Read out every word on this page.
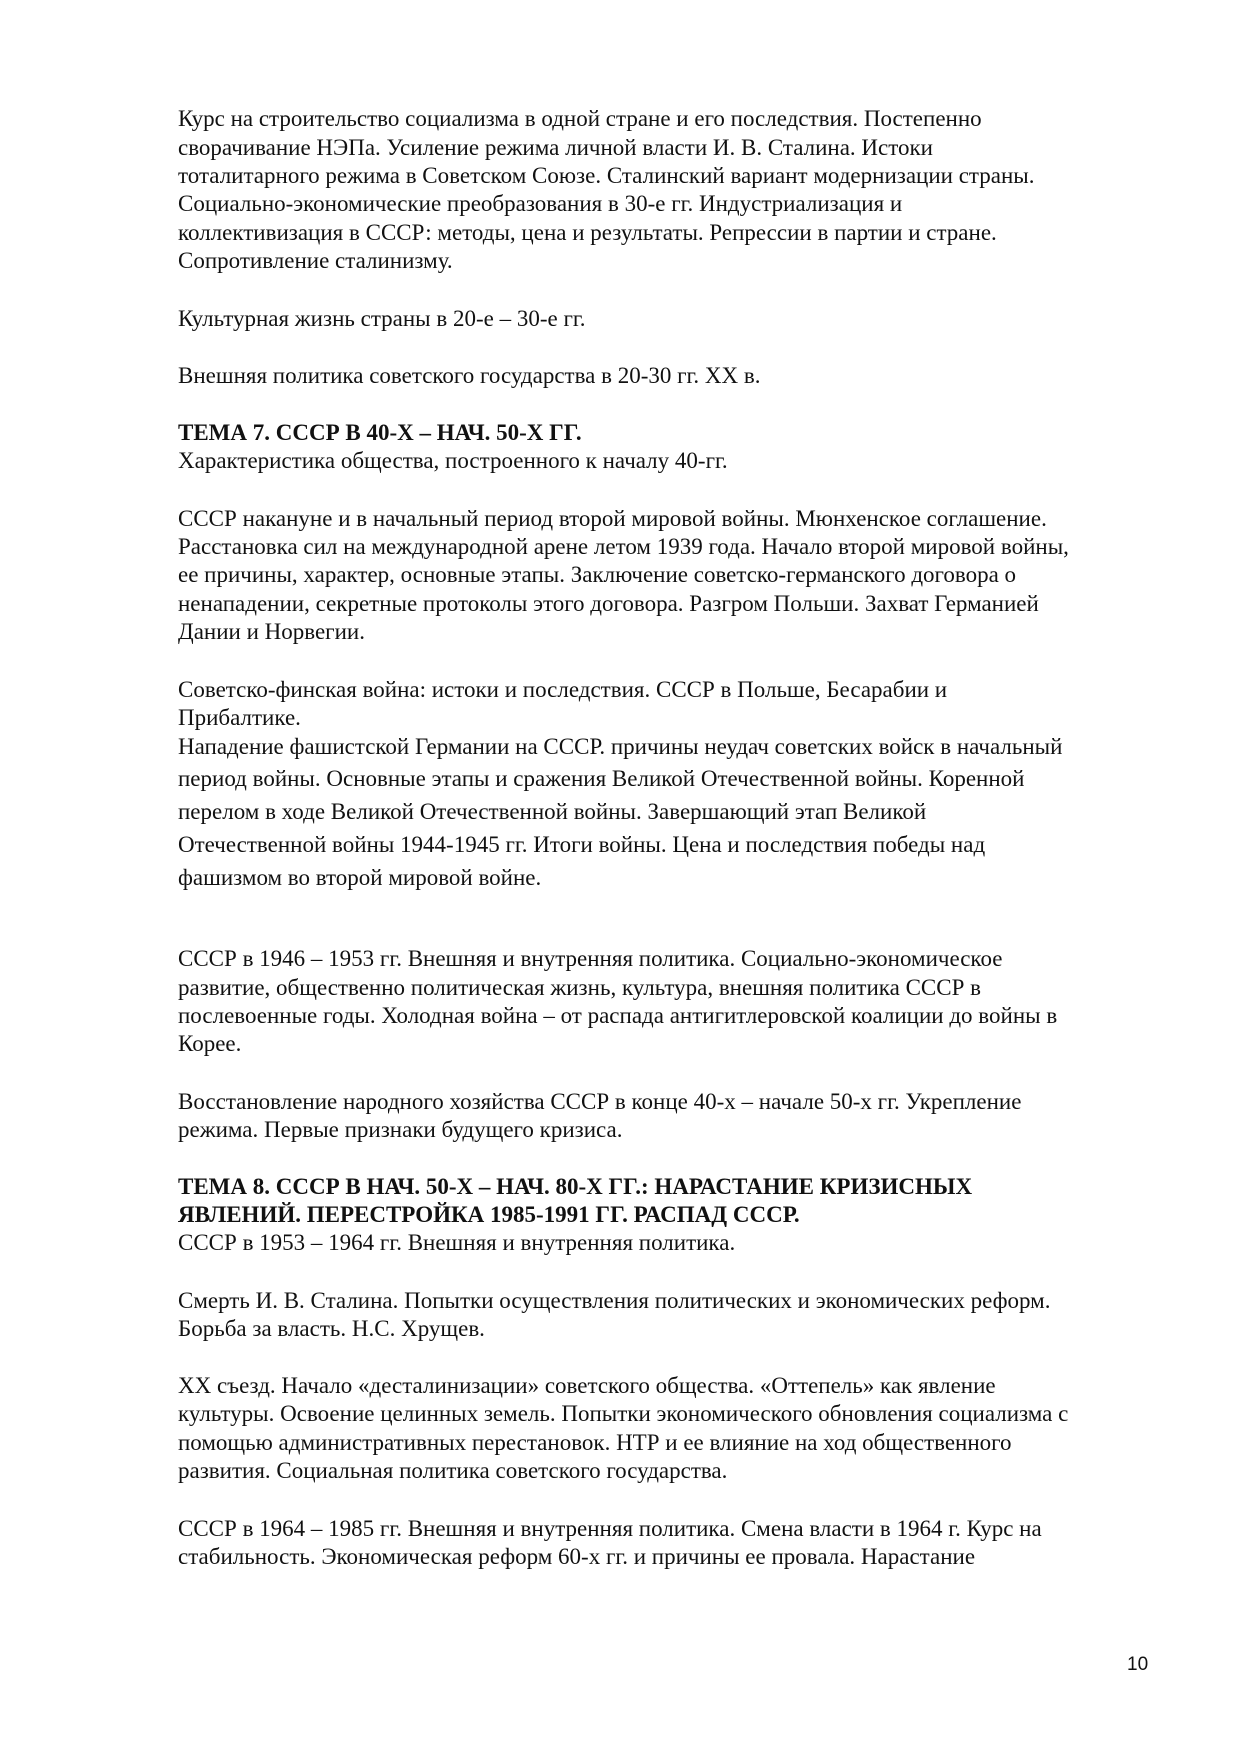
Курс на строительство социализма в одной стране и его последствия. Постепенно
сворачивание НЭПа. Усиление режима личной власти И. В. Сталина. Истоки
тоталитарного режима в Советском Союзе. Сталинский вариант модернизации страны.
Социально-экономические преобразования в 30-е гг. Индустриализация и
коллективизация в СССР: методы, цена и результаты. Репрессии в партии и стране.
Сопротивление сталинизму.
Культурная жизнь страны в 20-е – 30-е гг.
Внешняя политика советского государства в 20-30 гг. XX в.
ТЕМА 7. СССР В 40-Х – НАЧ. 50-Х ГГ.
Характеристика общества, построенного к началу 40-гг.
СССР накануне и в начальный период второй мировой войны. Мюнхенское соглашение.
Расстановка сил на международной арене летом 1939 года. Начало второй мировой войны,
ее причины, характер, основные этапы. Заключение советско-германского договора о
ненападении, секретные протоколы этого договора. Разгром Польши. Захват Германией
Дании и Норвегии.
Советско-финская война: истоки и последствия. СССР в Польше, Бесарабии и
Прибалтике.
Нападение фашистской Германии на СССР. причины неудач советских войск в начальный
период войны. Основные этапы и сражения Великой Отечественной войны. Коренной
перелом в ходе Великой Отечественной войны. Завершающий этап Великой
Отечественной войны 1944-1945 гг. Итоги войны. Цена и последствия победы над
фашизмом во второй мировой войне.
СССР в 1946 – 1953 гг. Внешняя и внутренняя политика. Социально-экономическое
развитие, общественно политическая жизнь, культура, внешняя политика СССР в
послевоенные годы. Холодная война – от распада антигитлеровской коалиции до войны в
Корее.
Восстановление народного хозяйства СССР в конце 40-х – начале 50-х гг. Укрепление
режима. Первые признаки будущего кризиса.
ТЕМА 8. СССР В НАЧ. 50-Х – НАЧ. 80-Х ГГ.: НАРАСТАНИЕ КРИЗИСНЫХ
ЯВЛЕНИЙ. ПЕРЕСТРОЙКА 1985-1991 ГГ. РАСПАД СССР.
СССР в 1953 – 1964 гг. Внешняя и внутренняя политика.
Смерть И. В. Сталина. Попытки осуществления политических и экономических реформ.
Борьба за власть. Н.С. Хрущев.
XX съезд. Начало «десталинизации» советского общества. «Оттепель» как явление
культуры. Освоение целинных земель. Попытки экономического обновления социализма с
помощью административных перестановок. НТР и ее влияние на ход общественного
развития. Социальная политика советского государства.
СССР в 1964 – 1985 гг. Внешняя и внутренняя политика. Смена власти в 1964 г. Курс на
стабильность. Экономическая реформ 60-х гг. и причины ее провала. Нарастание
10
